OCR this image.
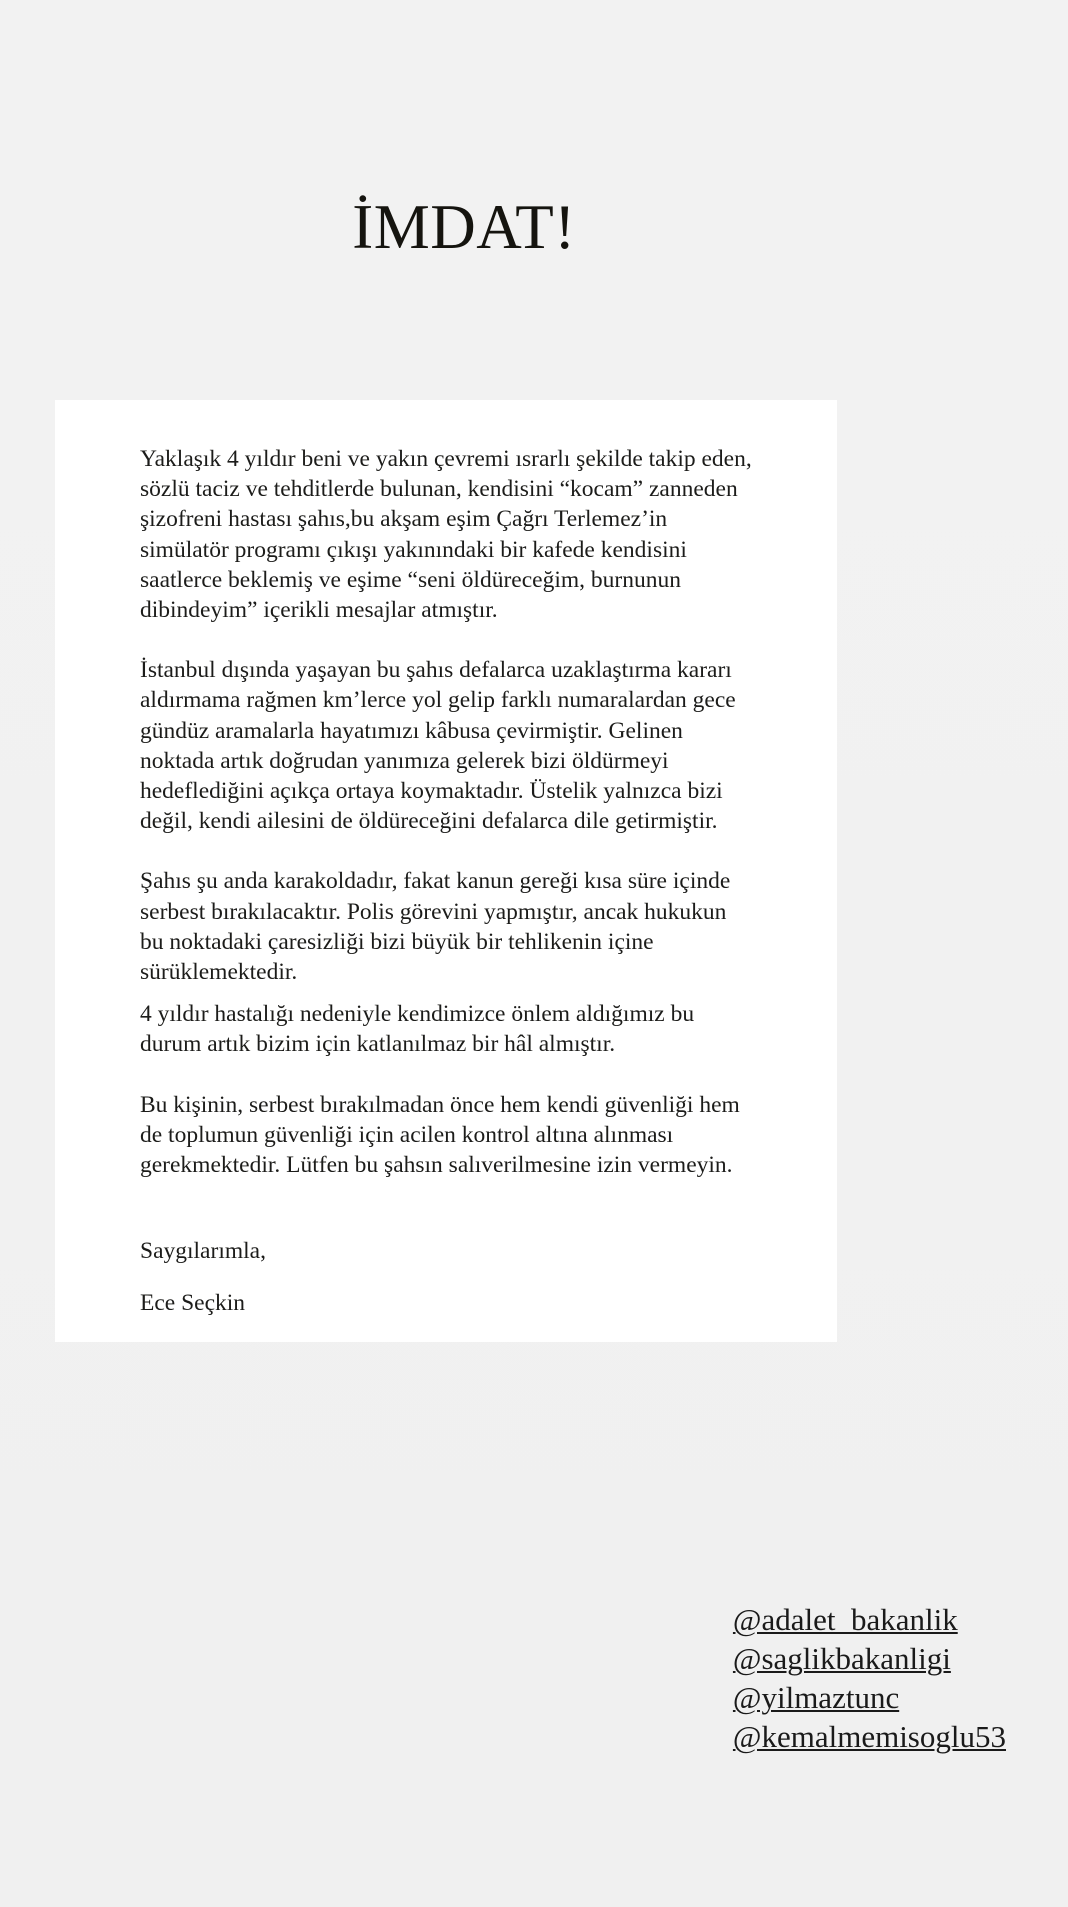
İMDAT!

Yaklaşık 4 yıldır beni ve yakın çevremi ısrarlı şekilde takip eden, sözlü taciz ve tehditlerde bulunan, kendisini “kocam” zanneden şizofreni hastası şahıs,bu akşam eşim Çağrı Terlemez’in simülatör programı çıkışı yakınındaki bir kafede kendisini saatlerce beklemiş ve eşime “seni öldüreceğim, burnunun dibindeyim” içerikli mesajlar atmıştır.

İstanbul dışında yaşayan bu şahıs defalarca uzaklaştırma kararı aldırmama rağmen km’lerce yol gelip farklı numaralardan gece gündüz aramalarla hayatımızı kâbusa çevirmiştir. Gelinen noktada artık doğrudan yanımıza gelerek bizi öldürmeyi hedeflediğini açıkça ortaya koymaktadır. Üstelik yalnızca bizi değil, kendi ailesini de öldüreceğini defalarca dile getirmiştir.

Şahıs şu anda karakoldadır, fakat kanun gereği kısa süre içinde serbest bırakılacaktır. Polis görevini yapmıştır, ancak hukukun bu noktadaki çaresizliği bizi büyük bir tehlikenin içine sürüklemektedir.

4 yıldır hastalığı nedeniyle kendimizce önlem aldığımız bu durum artık bizim için katlanılmaz bir hâl almıştır.

Bu kişinin, serbest bırakılmadan önce hem kendi güvenliği hem de toplumun güvenliği için acilen kontrol altına alınması gerekmektedir. Lütfen bu şahsın salıverilmesine izin vermeyin.

Saygılarımla,

Ece Seçkin

@adalet_bakanlik
@saglikbakanligi
@yilmaztunc
@kemalmemisoglu53
